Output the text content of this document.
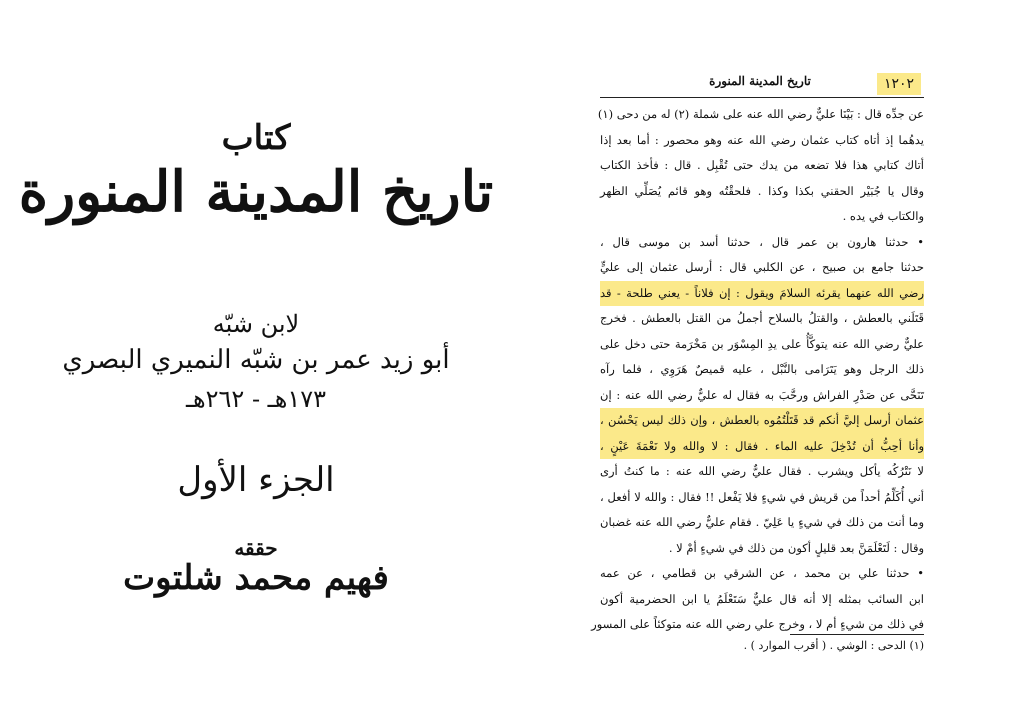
كتاب
تاريخ المدينة المنورة
لابن شبّه
أبو زيد عمر بن شبّه النميري البصري
١٧٣هـ - ٢٦٢هـ
الجزء الأول
حققه
فهيم محمد شلتوت
١٢٠٢
تاريخ المدينة المنورة
عن جدِّه قال : بَيْنَا عليٌّ رضي الله عنه على شملة (٢) له من دحى (١)
يدهُما إذ أتاه كتاب عثمان رضي الله عنه وهو محصور : أما بعد إذا
أتاك كتابي هذا فلا تضعه من يدك حتى تُقْبِل . قال : فأخذ الكتاب
وقال يا جُبَيْر الحقني بكذا وكذا . فلحقْتُه وهو قائم يُصَلِّي الظهر
والكتاب في يده .
• حدثنا هارون بن عمر قال ، حدثنا أسد بن موسى قال ،
حدثنا جامع بن صبيح ، عن الكلبي قال : أرسل عثمان إلى عليٍّ
رضي الله عنهما يقرئه السلامَ ويقول : إن فلاناً - يعني طلحة - قد
قَتَلَني بالعطش ، والقتلُ بالسلاح أجملُ من القتل بالعطش . فخرج
عليٌّ رضي الله عنه يتوكَّأُ على يدِ المِسْوَر بن مَخْرَمة حتى دخل على
ذلك الرجل وهو يَتَرَامى بالنَّبْل ، عليه قميصٌ هَرَوِي ، فلما رآه
تَنَحَّى عن صَدْرِ الفراش ورحَّبَ به فقال له عليٌّ رضي الله عنه : إن
عثمان أرسل إليَّ أنكم قد قَتَلْتُمُوه بالعطش ، وإن ذلك ليس يَحْسُن ،
وأنا أحِبُّ أن تُدْخِلَ عليه الماء . فقال : لا والله ولا نَعْمَةَ عَيْنٍ ،
لا نَتْرُكُه يأكل ويشرب . فقال عليٌّ رضي الله عنه : ما كنتُ أرى
أني أُكَلِّمُ أحداً من قريش في شيءٍ فلا يَفْعل !! فقال : والله لا أفعل ،
وما أنت من ذلك في شيءٍ يا عَلِيّ . فقام عليٌّ رضي الله عنه غضبان
وقال : لَتَعْلَمَنَّ بعد قليلٍ أكون من ذلك في شيءٍ أمْ لا .
• حدثنا علي بن محمد ، عن الشرقي بن قطامي ، عن عمه
ابن السائب بمثله إلا أنه قال عليٌّ سَتَعْلَمُ يا ابن الحضرمية أكون
في ذلك من شيءٍ أم لا ، وخرج علي رضي الله عنه متوكئاً على المسور
(١) الدحى : الوشي . ( أقرب الموارد ) .
